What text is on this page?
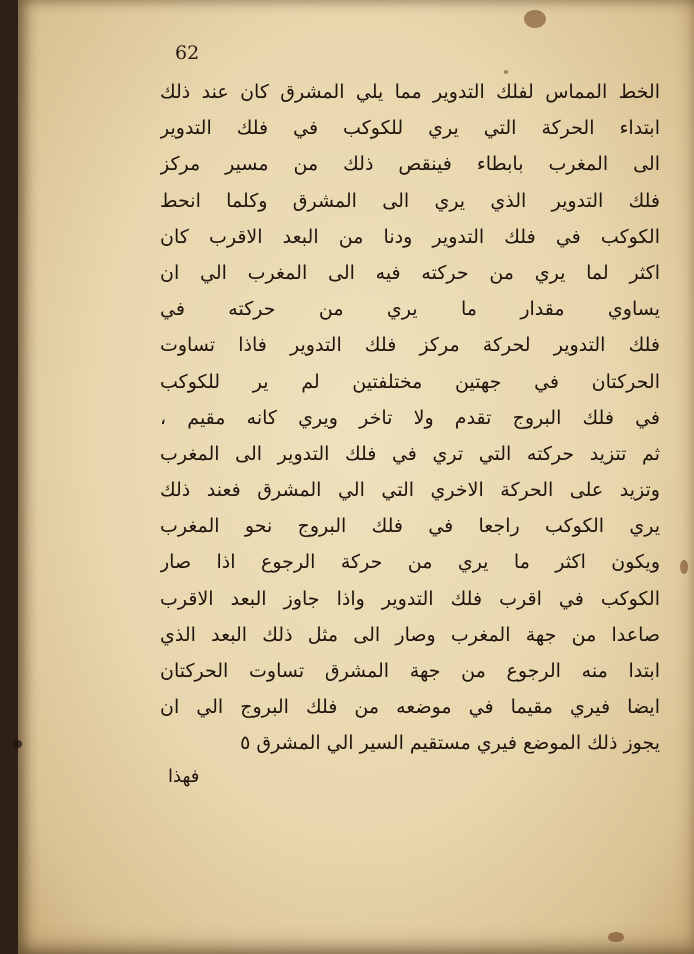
62
الخط المماس لفلك التدوير مما يلي المشرق كان عند ذلك
ابتداء الحركة التي يري للكوكب في فلك التدوير
الى المغرب بابطاء فينقص ذلك من مسير مركز
فلك التدوير الذي يري الى المشرق وكلما انحط
الكوكب في فلك التدوير ودنا من البعد الاقرب كان
اكثر لما يري من حركته فيه الى المغرب الي ان
يساوي مقدار ما يري من حركته في
فلك التدوير لحركة مركز فلك التدوير فاذا تساوت
الحركتان في جهتين مختلفتين لم ير للكوكب
في فلك البروج تقدم ولا تاخر ويري كانه مقيم ،
ثم تتزيد حركته التي تري في فلك التدوير الى المغرب
وتزيد على الحركة الاخري التي الي المشرق فعند ذلك
يري الكوكب راجعا في فلك البروج نحو المغرب
ويكون اكثر ما يري من حركة الرجوع اذا صار
الكوكب في اقرب فلك التدوير واذا جاوز البعد الاقرب
صاعدا من جهة المغرب وصار الى مثل ذلك البعد الذي
ابتدا منه الرجوع من جهة المشرق تساوت الحركتان
ايضا فيري مقيما في موضعه من فلك البروج الي ان
يجوز ذلك الموضع فيري مستقيم السير الي المشرق ٥
فهذا
